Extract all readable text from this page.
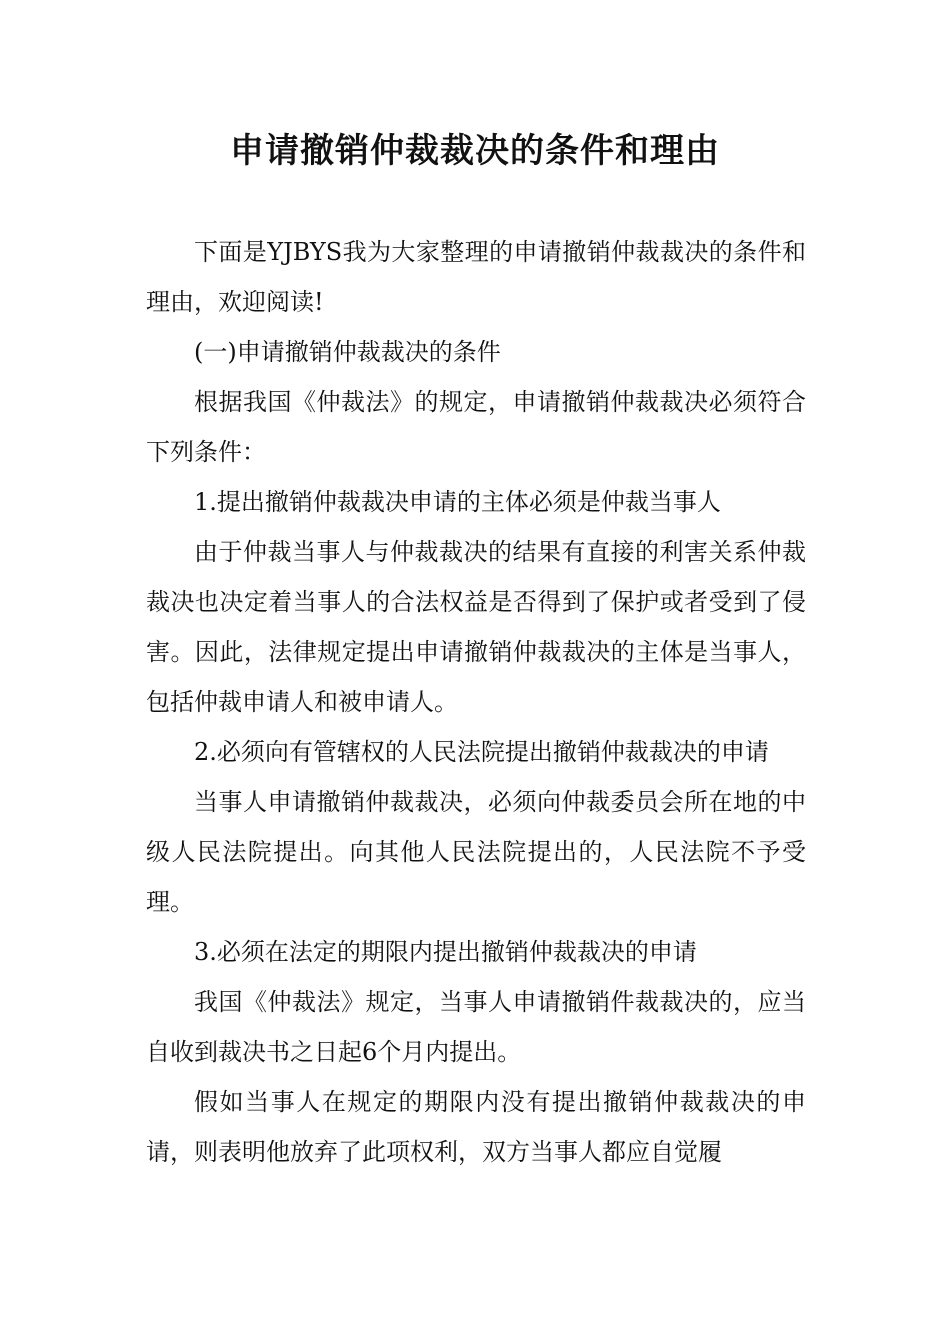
申请撤销仲裁裁决的条件和理由

下面是YJBYS我为大家整理的申请撤销仲裁裁决的条件和理由，欢迎阅读!

(一)申请撤销仲裁裁决的条件

根据我国《仲裁法》的规定，申请撤销仲裁裁决必须符合下列条件：

1.提出撤销仲裁裁决申请的主体必须是仲裁当事人

由于仲裁当事人与仲裁裁决的结果有直接的利害关系仲裁裁决也决定着当事人的合法权益是否得到了保护或者受到了侵害。因此，法律规定提出申请撤销仲裁裁决的主体是当事人，包括仲裁申请人和被申请人。

2.必须向有管辖权的人民法院提出撤销仲裁裁决的申请

当事人申请撤销仲裁裁决，必须向仲裁委员会所在地的中级人民法院提出。向其他人民法院提出的，人民法院不予受理。

3.必须在法定的期限内提出撤销仲裁裁决的申请

我国《仲裁法》规定，当事人申请撤销件裁裁决的，应当自收到裁决书之日起6个月内提出。

假如当事人在规定的期限内没有提出撤销仲裁裁决的申请，则表明他放弃了此项权利，双方当事人都应自觉履
